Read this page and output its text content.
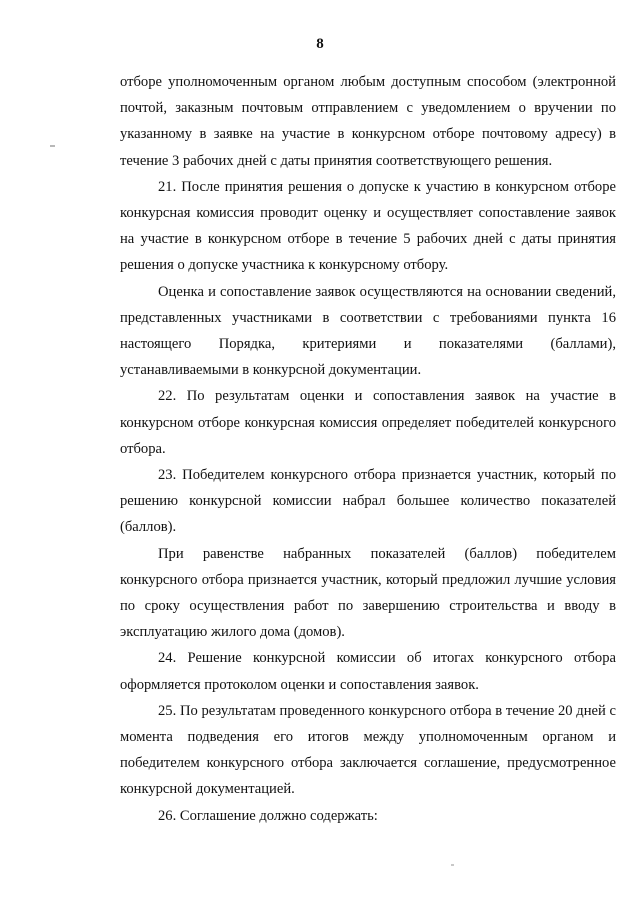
8

отборе уполномоченным органом любым доступным способом (электронной почтой, заказным почтовым отправлением с уведомлением о вручении по указанному в заявке на участие в конкурсном отборе почтовому адресу) в течение 3 рабочих дней с даты принятия соответствующего решения.

21. После принятия решения о допуске к участию в конкурсном отборе конкурсная комиссия проводит оценку и осуществляет сопоставление заявок на участие в конкурсном отборе в течение 5 рабочих дней с даты принятия решения о допуске участника к конкурсному отбору.

Оценка и сопоставление заявок осуществляются на основании сведений, представленных участниками в соответствии с требованиями пункта 16 настоящего Порядка, критериями и показателями (баллами), устанавливаемыми в конкурсной документации.

22. По результатам оценки и сопоставления заявок на участие в конкурсном отборе конкурсная комиссия определяет победителей конкурсного отбора.

23. Победителем конкурсного отбора признается участник, который по решению конкурсной комиссии набрал большее количество показателей (баллов).

При равенстве набранных показателей (баллов) победителем конкурсного отбора признается участник, который предложил лучшие условия по сроку осуществления работ по завершению строительства и вводу в эксплуатацию жилого дома (домов).

24. Решение конкурсной комиссии об итогах конкурсного отбора оформляется протоколом оценки и сопоставления заявок.

25. По результатам проведенного конкурсного отбора в течение 20 дней с момента подведения его итогов между уполномоченным органом и победителем конкурсного отбора заключается соглашение, предусмотренное конкурсной документацией.

26. Соглашение должно содержать:
